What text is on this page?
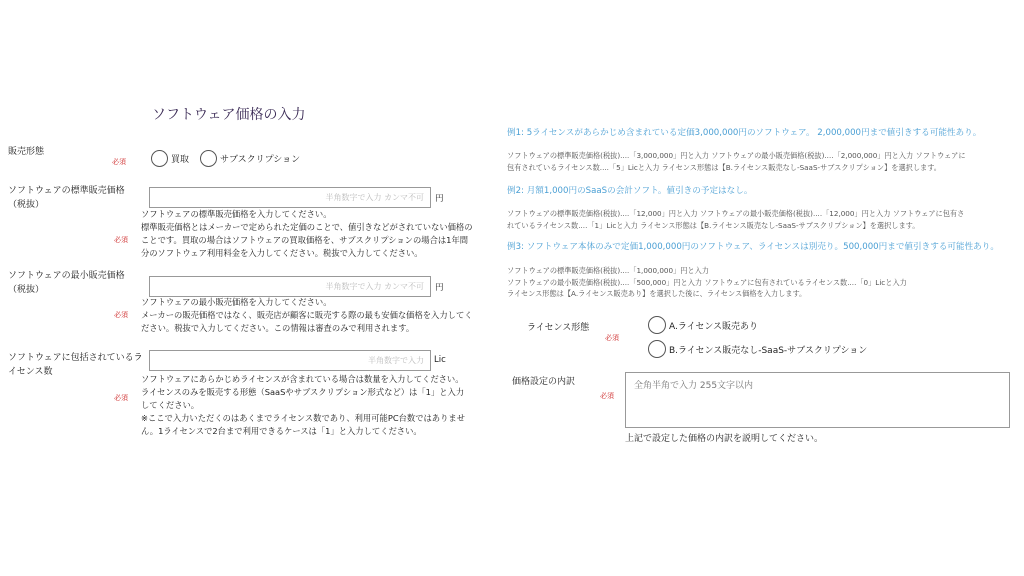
ソフトウェア価格の入力
販売形態
必須	買取	サブスクリプション
ソフトウェアの標準販売価格（税抜）
必須
半角数字で入力 カンマ不可	円
ソフトウェアの標準販売価格を入力してください。
標準販売価格とはメーカーで定められた定価のことで、値引きなどがされていない価格の
ことです。買取の場合はソフトウェアの買取価格を、サブスクリプションの場合は1年間
分のソフトウェア利用料金を入力してください。税抜で入力してください。
ソフトウェアの最小販売価格（税抜）
必須
半角数字で入力 カンマ不可	円
ソフトウェアの最小販売価格を入力してください。
メーカーの販売価格ではなく、販売店が顧客に販売する際の最も安価な価格を入力してく
ださい。税抜で入力してください。この情報は審査のみで利用されます。
ソフトウェアに包括されているライセンス数
必須
半角数字で入力	Lic
ソフトウェアにあらかじめライセンスが含まれている場合は数量を入力してください。
ライセンスのみを販売する形態（SaaSやサブスクリプション形式など）は「1」と入力
してください。
※ここで入力いただくのはあくまでライセンス数であり、利用可能PC台数ではありませ
ん。1ライセンスで2台まで利用できるケースは「1」と入力してください。
例1: 5ライセンスがあらかじめ含まれている定価3,000,000円のソフトウェア。 2,000,000円まで値引きする可能性あり。
ソフトウェアの標準販売価格(税抜)....「3,000,000」円と入力 ソフトウェアの最小販売価格(税抜)....「2,000,000」円と入力 ソフトウェアに
包有されているライセンス数....「5」Licと入力 ライセンス形態は【B.ライセンス販売なし-SaaS-サブスクリプション】を選択します。
例2: 月額1,000円のSaaSの会計ソフト。値引きの予定はなし。
ソフトウェアの標準販売価格(税抜)....「12,000」円と入力 ソフトウェアの最小販売価格(税抜)....「12,000」円と入力 ソフトウェアに包有さ
れているライセンス数....「1」Licと入力 ライセンス形態は【B.ライセンス販売なし-SaaS-サブスクリプション】を選択します。
例3: ソフトウェア本体のみで定価1,000,000円のソフトウェア、ライセンスは別売り。500,000円まで値引きする可能性あり。
ソフトウェアの標準販売価格(税抜)....「1,000,000」円と入力
ソフトウェアの最小販売価格(税抜)....「500,000」円と入力 ソフトウェアに包有されているライセンス数....「0」Licと入力
ライセンス形態は【A.ライセンス販売あり】を選択した後に、ライセンス価格を入力します。
ライセンス形態
必須
A.ライセンス販売あり
B.ライセンス販売なし-SaaS-サブスクリプション
価格設定の内訳
必須
全角半角で入力 255文字以内
上記で設定した価格の内訳を説明してください。
